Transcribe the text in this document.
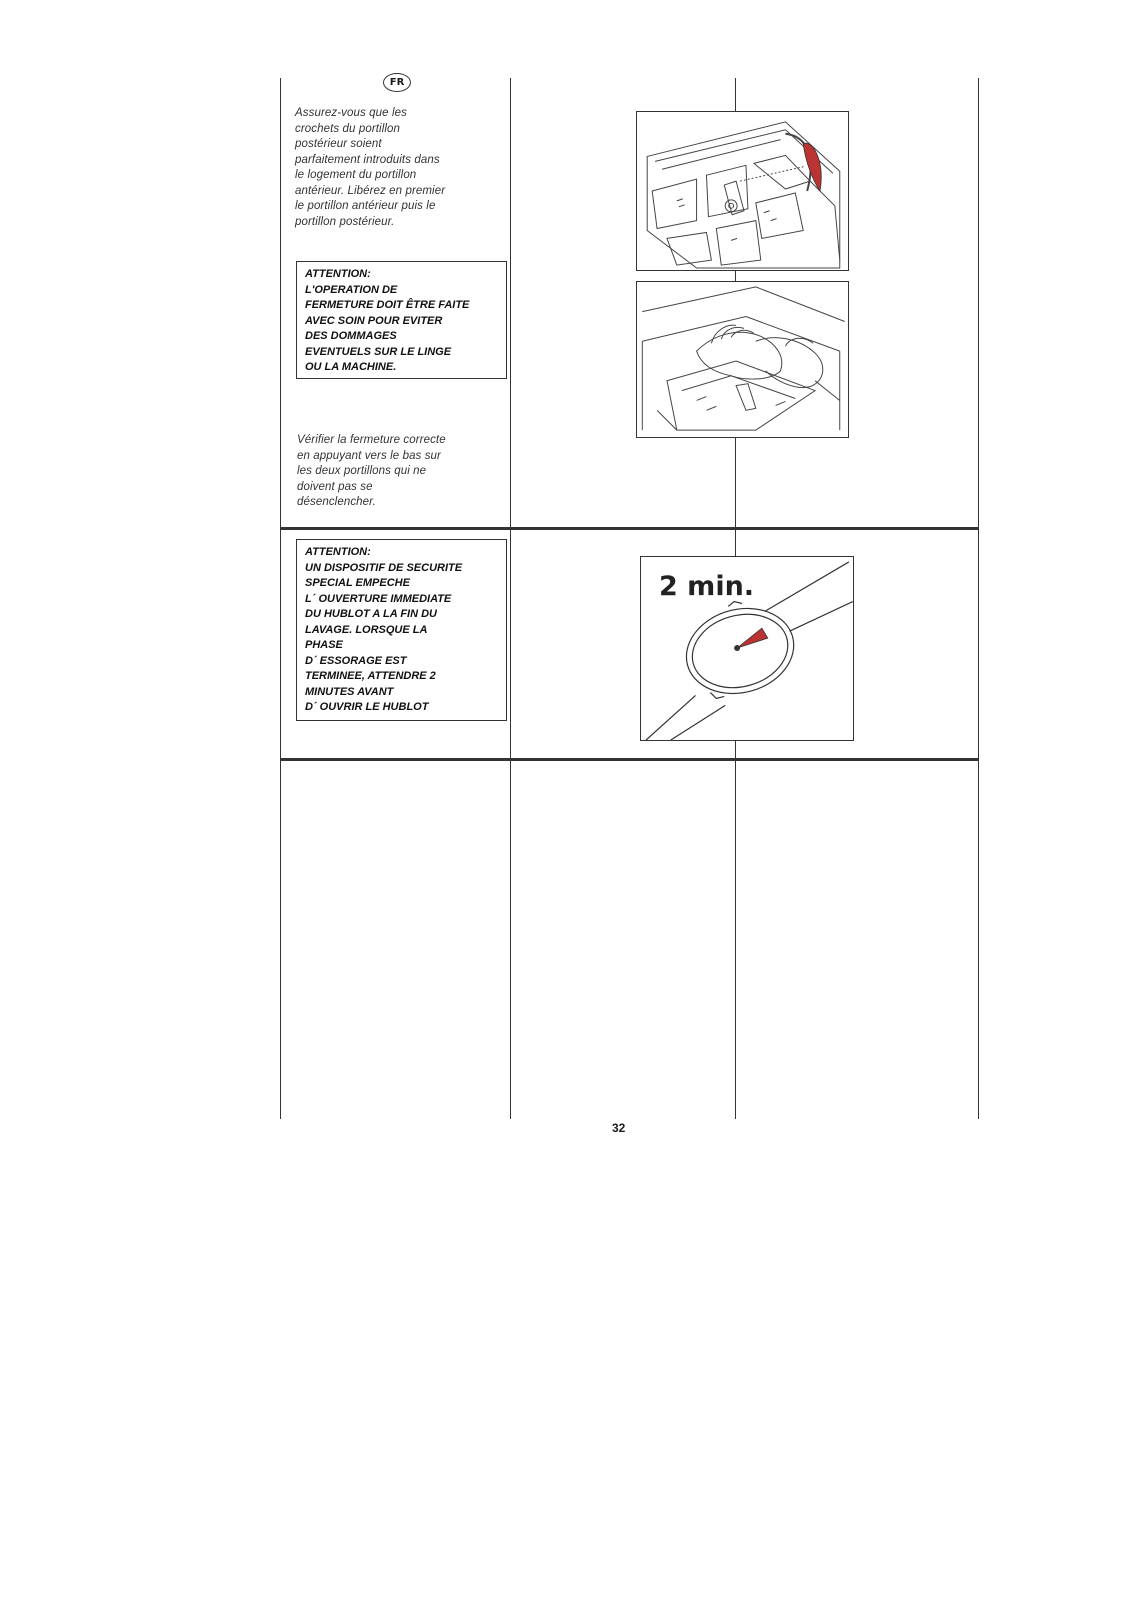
FR
Assurez-vous que les
crochets du portillon
postérieur soient
parfaitement introduits dans
le logement du portillon
antérieur. Libérez en premier
le portillon antérieur puis le
portillon postérieur.
ATTENTION:
L'OPERATION DE
FERMETURE DOIT ÊTRE FAITE
AVEC SOIN POUR EVITER
DES DOMMAGES
EVENTUELS SUR LE LINGE
OU LA MACHINE.
Vérifier la fermeture correcte
en appuyant vers le bas sur
les deux portillons qui ne
doivent pas se
désenclencher.
ATTENTION:
UN DISPOSITIF DE SECURITE
SPECIAL EMPECHE
L´ OUVERTURE IMMEDIATE
DU HUBLOT A LA FIN DU
LAVAGE. LORSQUE LA
PHASE
D´ ESSORAGE EST
TERMINEE, ATTENDRE 2
MINUTES AVANT
D´ OUVRIR LE HUBLOT
2 min.
32
